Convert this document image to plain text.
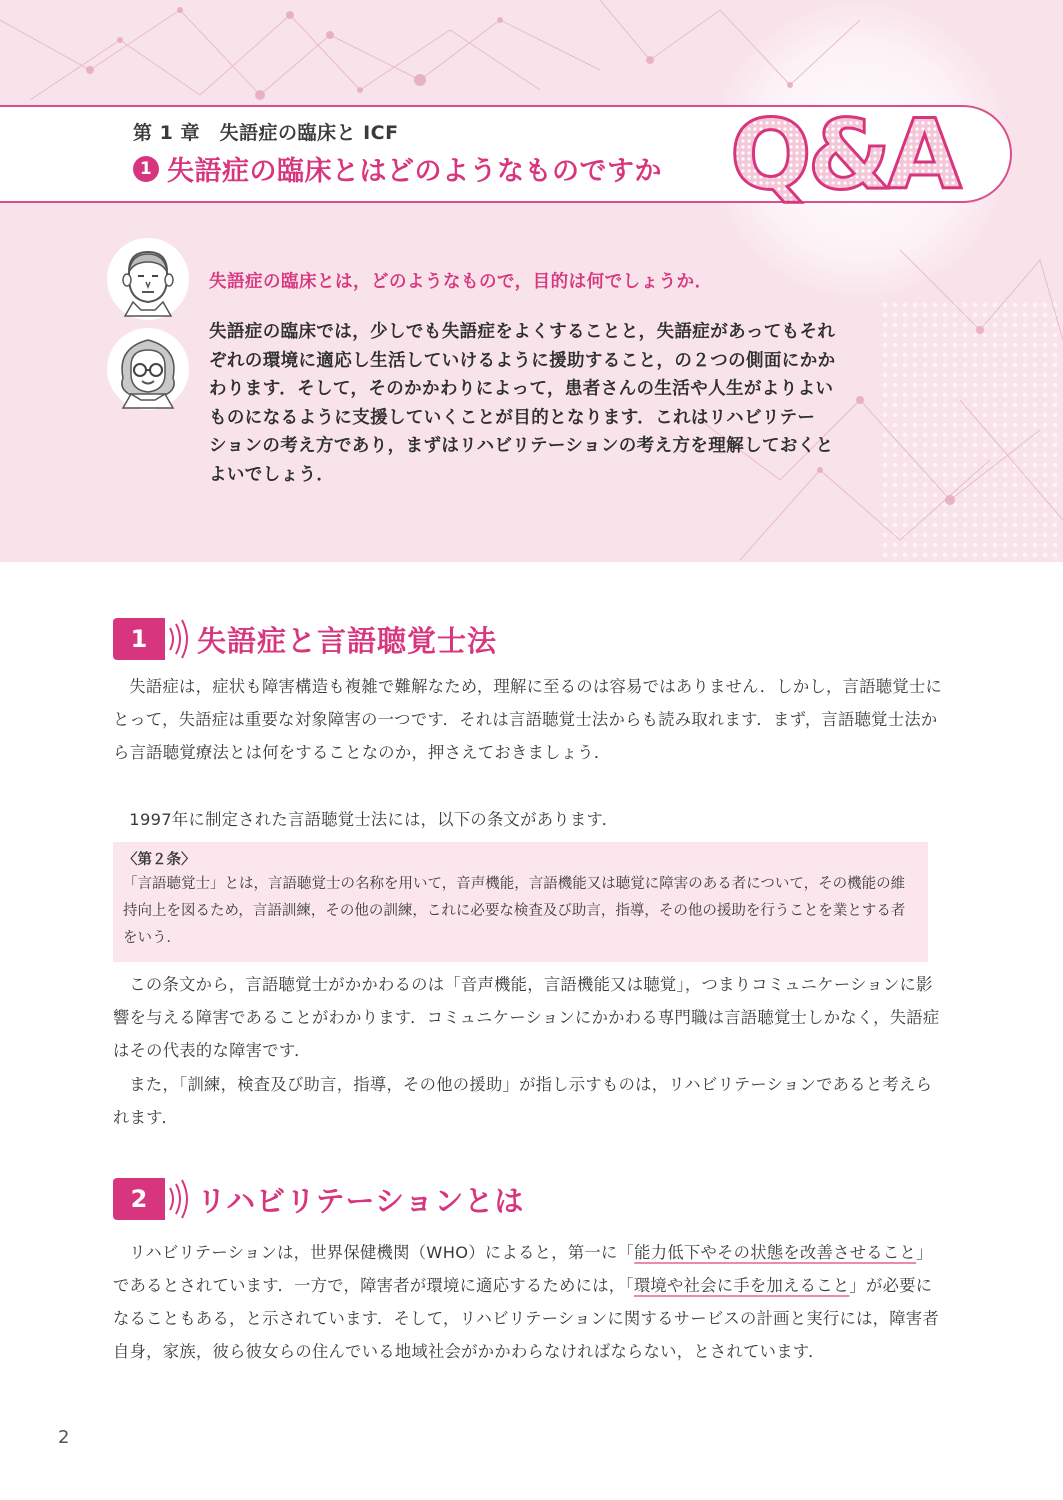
第 1 章　失語症の臨床と ICF
1 失語症の臨床とはどのようなものですか Q&A
失語症の臨床とは，どのようなもので，目的は何でしょうか．
失語症の臨床では，少しでも失語症をよくすることと，失語症があってもそれ
ぞれの環境に適応し生活していけるように援助すること，の２つの側面にかか
わります．そして，そのかかわりによって，患者さんの生活や人生がよりよい
ものになるように支援していくことが目的となります．これはリハビリテー
ションの考え方であり，まずはリハビリテーションの考え方を理解しておくと
よいでしょう．
1	失語症と言語聴覚士法

失語症は，症状も障害構造も複雑で難解なため，理解に至るのは容易ではありません．しかし，言語聴覚士にとって，失語症は重要な対象障害の一つです．それは言語聴覚士法からも読み取れます．まず，言語聴覚士法から言語聴覚療法とは何をすることなのか，押さえておきましょう．

1997年に制定された言語聴覚士法には，以下の条文があります．

〈第２条〉

「言語聴覚士」とは，言語聴覚士の名称を用いて，音声機能，言語機能又は聴覚に障害のある者について，その機能の維持向上を図るため，言語訓練，その他の訓練，これに必要な検査及び助言，指導，その他の援助を行うことを業とする者をいう．

この条文から，言語聴覚士がかかわるのは「音声機能，言語機能又は聴覚」，つまりコミュニケーションに影響を与える障害であることがわかります．コミュニケーションにかかわる専門職は言語聴覚士しかなく，失語症はその代表的な障害です．

また，「訓練，検査及び助言，指導，その他の援助」が指し示すものは，リハビリテーションであると考えられます．

2	リハビリテーションとは

リハビリテーションは，世界保健機関（WHO）によると，第一に「能力低下やその状態を改善させること」であるとされています．一方で，障害者が環境に適応するためには，「環境や社会に手を加えること」が必要になることもある，と示されています．そして，リハビリテーションに関するサービスの計画と実行には，障害者自身，家族，彼ら彼女らの住んでいる地域社会がかかわらなければならない，とされています．

2
